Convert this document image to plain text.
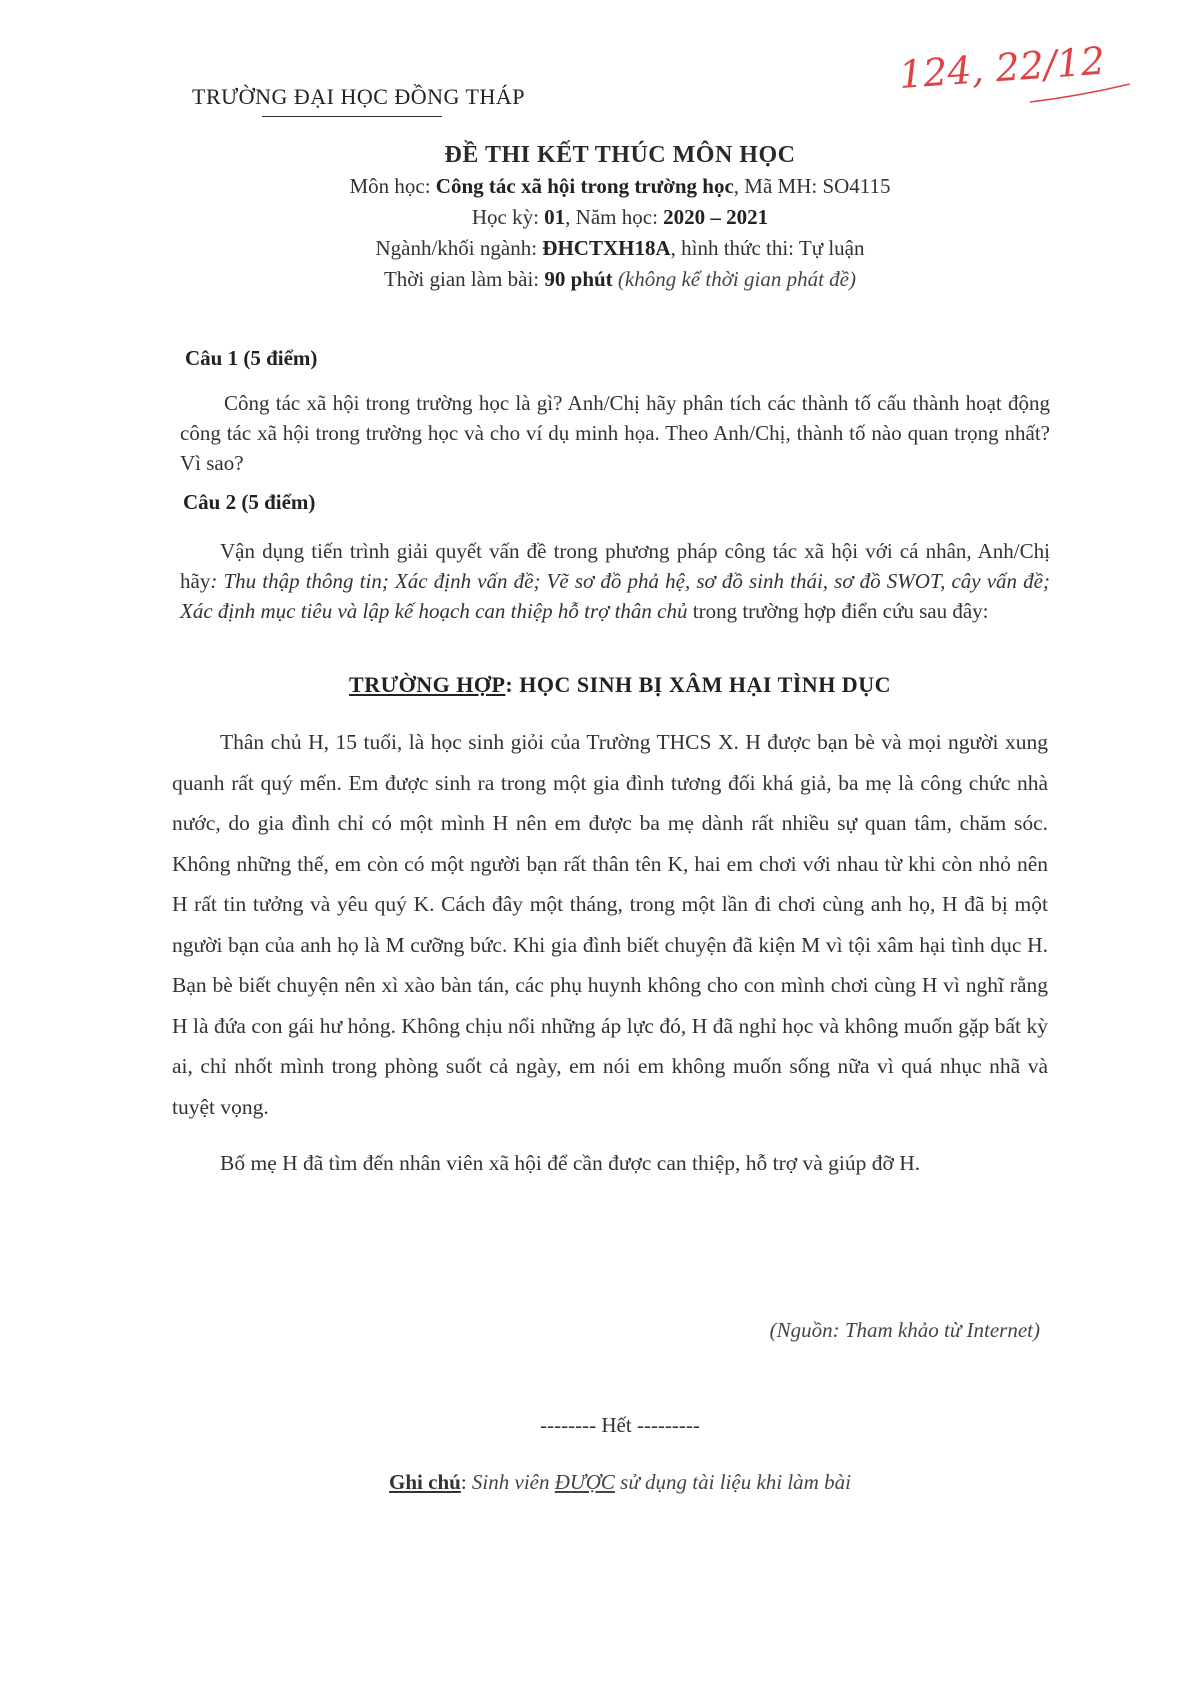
124, 22/12
TRƯỜNG ĐẠI HỌC ĐỒNG THÁP
ĐỀ THI KẾT THÚC MÔN HỌC
Môn học: Công tác xã hội trong trường học, Mã MH: SO4115
Học kỳ: 01, Năm học: 2020 – 2021
Ngành/khối ngành: ĐHCTXH18A, hình thức thi: Tự luận
Thời gian làm bài: 90 phút (không kể thời gian phát đề)
Câu 1 (5 điểm)
Công tác xã hội trong trường học là gì? Anh/Chị hãy phân tích các thành tố cấu thành hoạt động công tác xã hội trong trường học và cho ví dụ minh họa. Theo Anh/Chị, thành tố nào quan trọng nhất? Vì sao?
Câu 2 (5 điểm)
Vận dụng tiến trình giải quyết vấn đề trong phương pháp công tác xã hội với cá nhân, Anh/Chị hãy: Thu thập thông tin; Xác định vấn đề; Vẽ sơ đồ phả hệ, sơ đồ sinh thái, sơ đồ SWOT, cây vấn đề; Xác định mục tiêu và lập kế hoạch can thiệp hỗ trợ thân chủ trong trường hợp điển cứu sau đây:
TRƯỜNG HỢP: HỌC SINH BỊ XÂM HẠI TÌNH DỤC

Thân chủ H, 15 tuổi, là học sinh giỏi của Trường THCS X. H được bạn bè và mọi người xung quanh rất quý mến. Em được sinh ra trong một gia đình tương đối khá giả, ba mẹ là công chức nhà nước, do gia đình chỉ có một mình H nên em được ba mẹ dành rất nhiều sự quan tâm, chăm sóc. Không những thế, em còn có một người bạn rất thân tên K, hai em chơi với nhau từ khi còn nhỏ nên H rất tin tưởng và yêu quý K. Cách đây một tháng, trong một lần đi chơi cùng anh họ, H đã bị một người bạn của anh họ là M cưỡng bức. Khi gia đình biết chuyện đã kiện M vì tội xâm hại tình dục H. Bạn bè biết chuyện nên xì xào bàn tán, các phụ huynh không cho con mình chơi cùng H vì nghĩ rằng H là đứa con gái hư hỏng. Không chịu nổi những áp lực đó, H đã nghỉ học và không muốn gặp bất kỳ ai, chỉ nhốt mình trong phòng suốt cả ngày, em nói em không muốn sống nữa vì quá nhục nhã và tuyệt vọng.

Bố mẹ H đã tìm đến nhân viên xã hội để cần được can thiệp, hỗ trợ và giúp đỡ H.

(Nguồn: Tham khảo từ Internet)
-------- Hết ---------
Ghi chú: Sinh viên ĐƯỢC sử dụng tài liệu khi làm bài
